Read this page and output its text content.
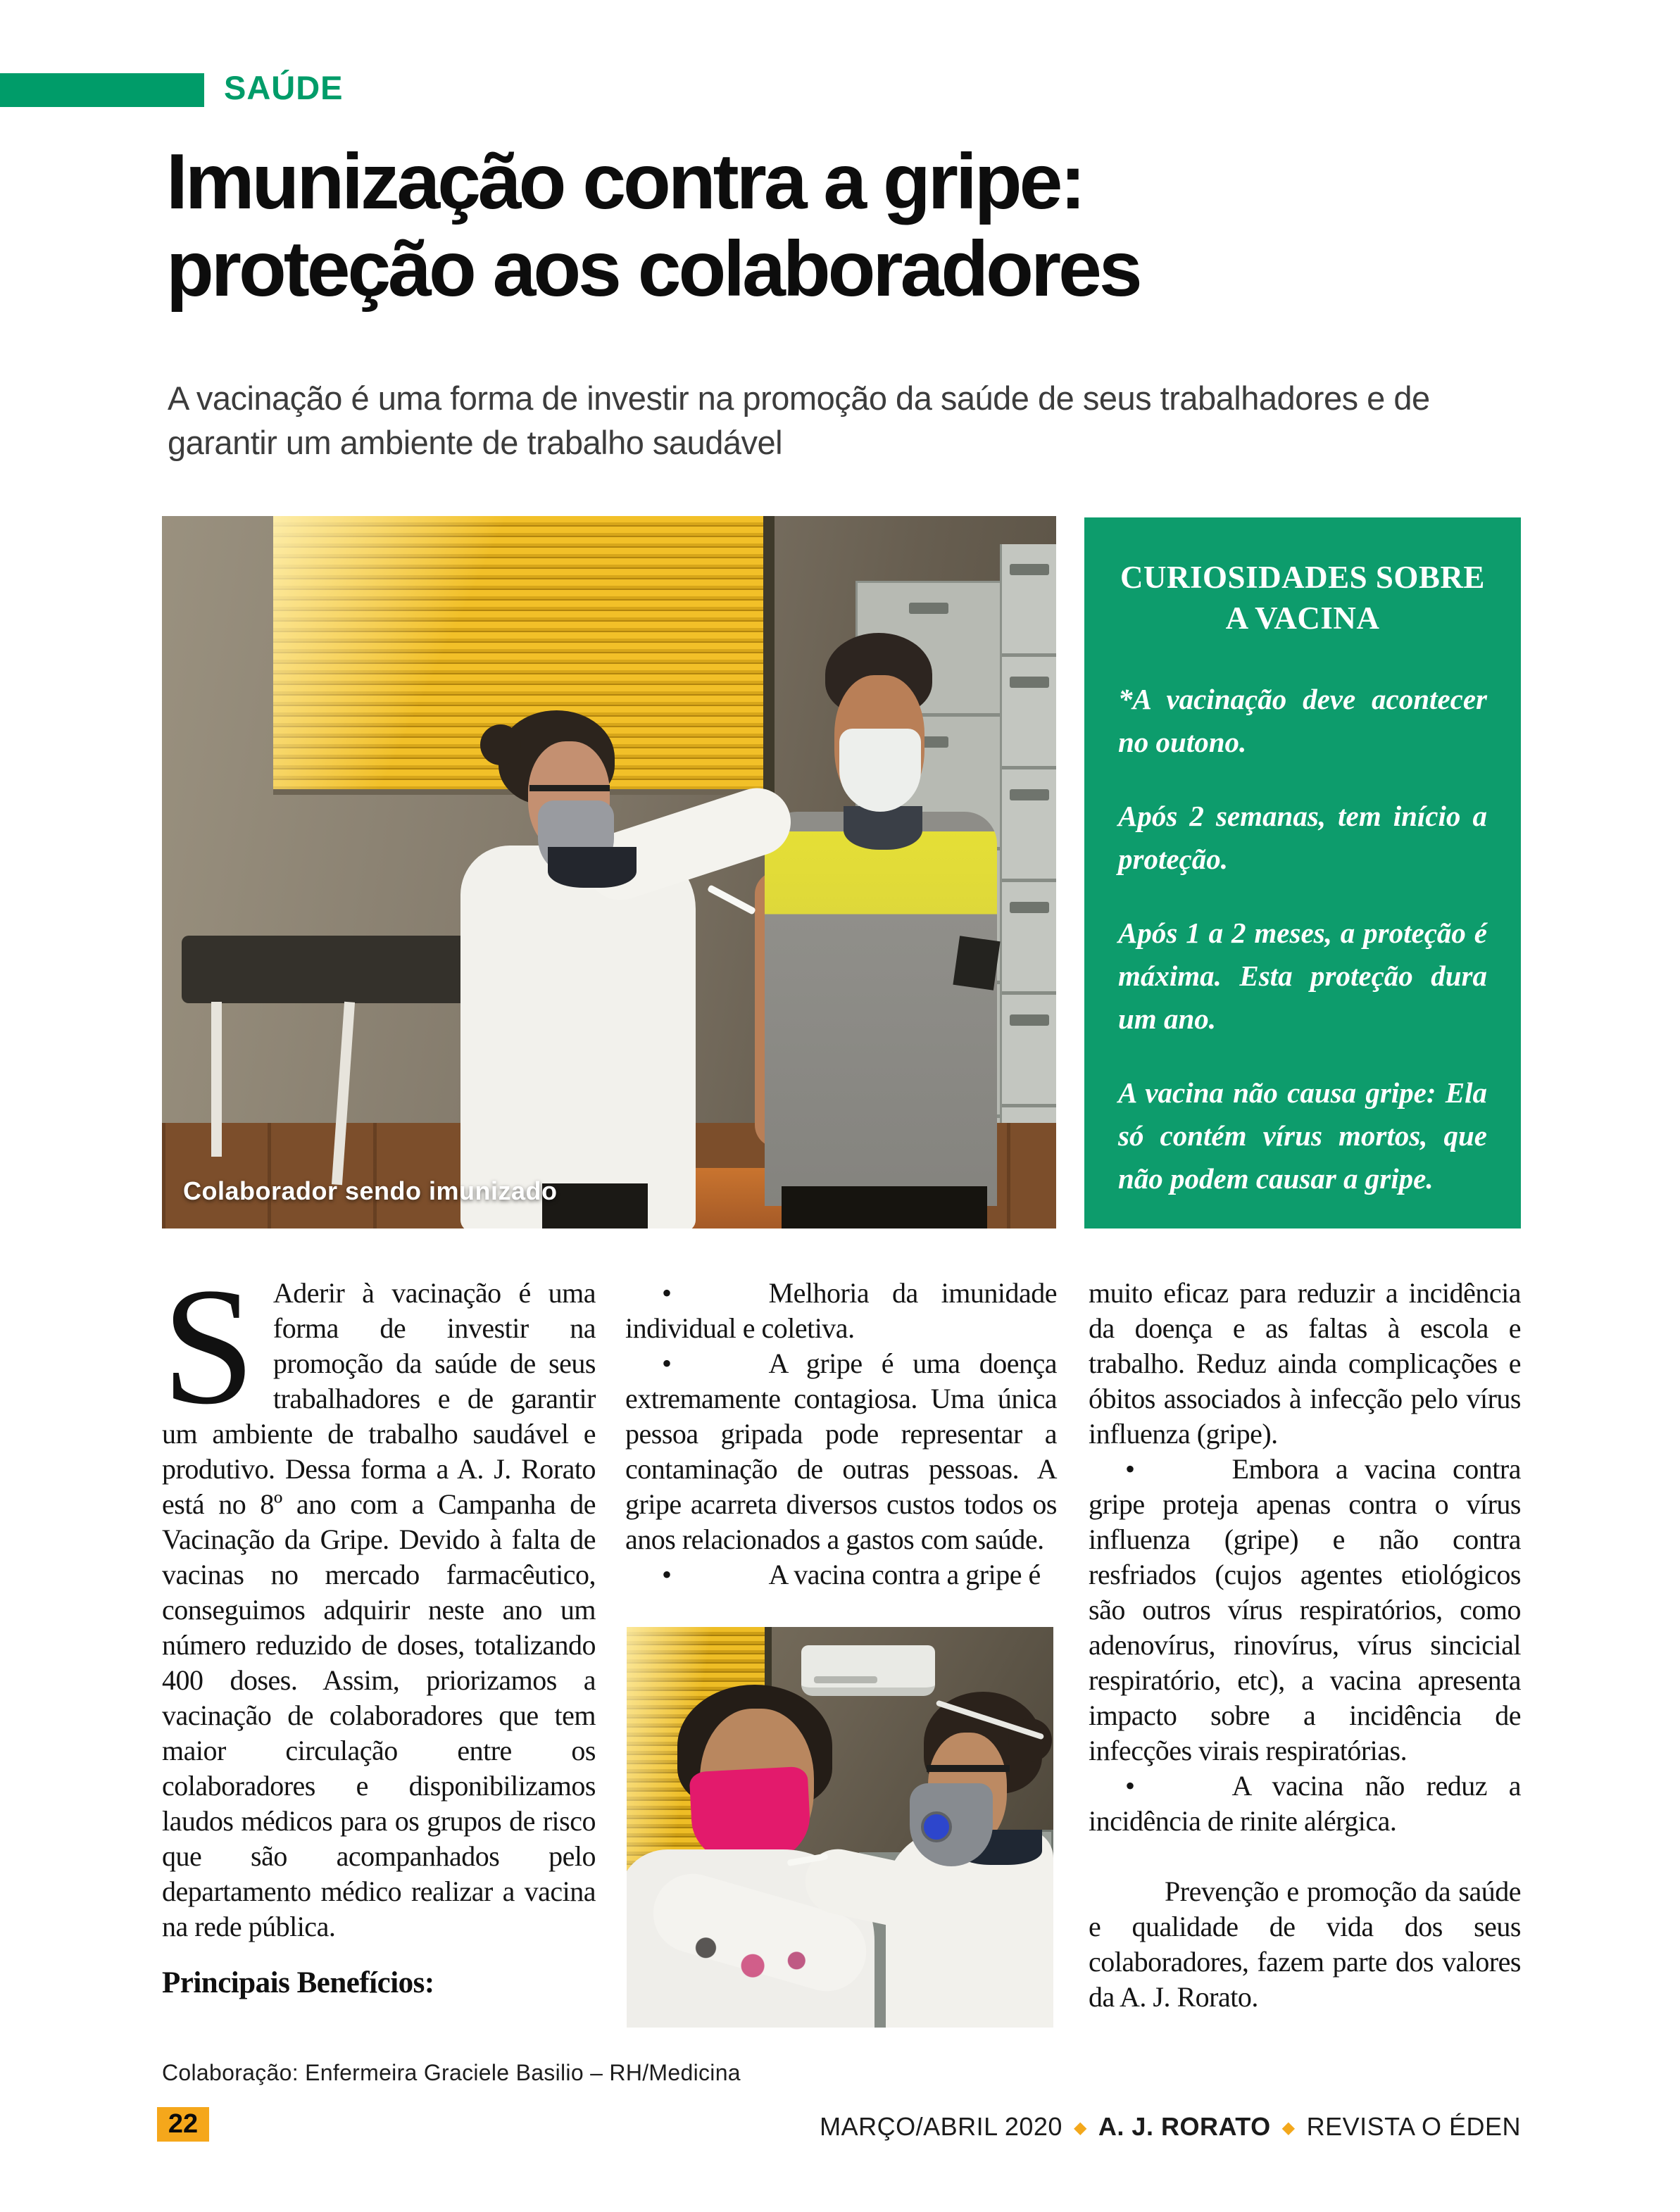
SAÚDE
Imunização contra a gripe:
proteção aos colaboradores
A vacinação é uma forma de investir na promoção da saúde de seus trabalhadores e de garantir um ambiente de trabalho saudável
Colaborador sendo imunizado
CURIOSIDADES SOBRE A VACINA
*A vacinação deve acontecer no outono.
Após 2 semanas, tem início a proteção.
Após 1 a 2 meses, a proteção é máxima. Esta proteção dura um ano.
A vacina não causa gripe: Ela só contém vírus mortos, que não podem causar a gripe.

S Aderir à vacinação é uma forma de investir na promoção da saúde de seus trabalhadores e de garantir um ambiente de trabalho saudável e produtivo. Dessa forma a A. J. Rorato está no 8º ano com a Campanha de Vacinação da Gripe. Devido à falta de vacinas no mercado farmacêutico, conseguimos adquirir neste ano um número reduzido de doses, totalizando 400 doses. Assim, priorizamos a vacinação de colaboradores que tem maior circulação entre os colaboradores e disponibilizamos laudos médicos para os grupos de risco que são acompanhados pelo departamento médico realizar a vacina na rede pública.

Principais Benefícios:

•	Melhoria da imunidade individual e coletiva.

•	A gripe é uma doença extremamente contagiosa. Uma única pessoa gripada pode representar a contaminação de outras pessoas. A gripe acarreta diversos custos todos os anos relacionados a gastos com saúde.

•	A vacina contra a gripe é

muito eficaz para reduzir a incidência da doença e as faltas à escola e trabalho. Reduz ainda complicações e óbitos associados à infecção pelo vírus influenza (gripe).

•	Embora a vacina contra gripe proteja apenas contra o vírus influenza (gripe) e não contra resfriados (cujos agentes etiológicos são outros vírus respiratórios, como adenovírus, rinovírus, vírus sincicial respiratório, etc), a vacina apresenta impacto sobre a incidência de infecções virais respiratórias.

•	A vacina não reduz a incidência de rinite alérgica.

Prevenção e promoção da saúde e qualidade de vida dos seus colaboradores, fazem parte dos valores da A. J. Rorato.

Colaboração: Enfermeira Graciele Basilio – RH/Medicina
22	MARÇO/ABRIL 2020 ◆ A. J. RORATO ◆ REVISTA O ÉDEN
